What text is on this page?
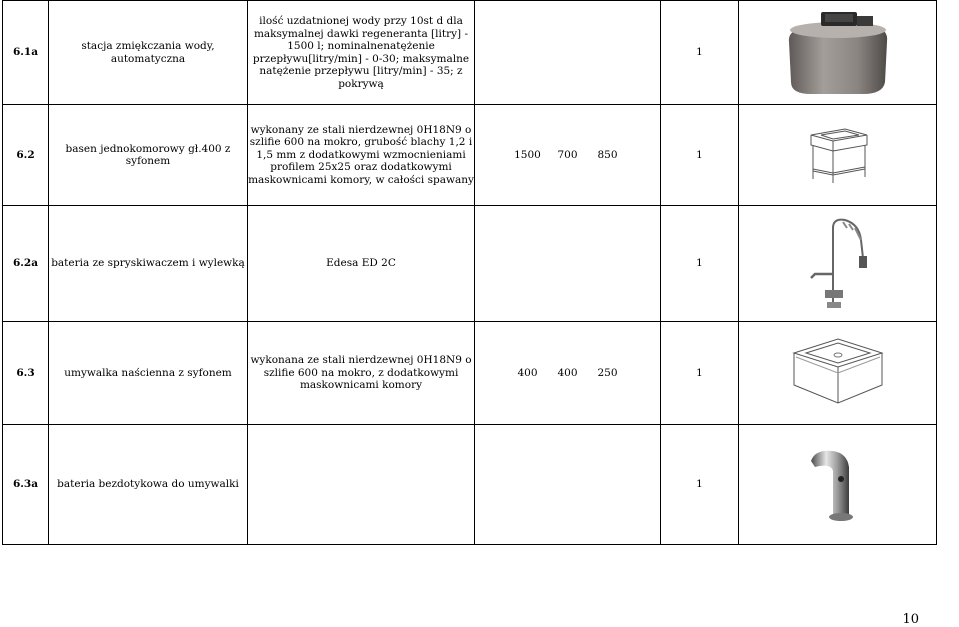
6.1a	stacja zmiękczania wody, automatyczna	ilość uzdatnionej wody przy 10st d dla maksymalnej dawki regeneranta [litry] - 1500 l; nominalnenatężenie przepływu[litry/min] - 0-30; maksymalne natężenie przepływu [litry/min] - 35; z pokrywą		1	

6.2	basen jednokomorowy gł.400 z syfonem	wykonany ze stali nierdzewnej 0H18N9 o szlifie 600 na mokro, grubość blachy 1,2 i 1,5 mm z dodatkowymi wzmocnieniami profilem 25x25 oraz dodatkowymi maskownicami komory, w całości spawany	1500 700 850	1	

6.2a	bateria ze spryskiwaczem i wylewką	Edesa ED 2C		1	

6.3	umywalka naścienna z syfonem	wykonana ze stali nierdzewnej 0H18N9 o szlifie 600 na mokro, z dodatkowymi maskownicami komory	400 400 250	1	

6.3a	bateria bezdotykowa do umywalki			1	
10
